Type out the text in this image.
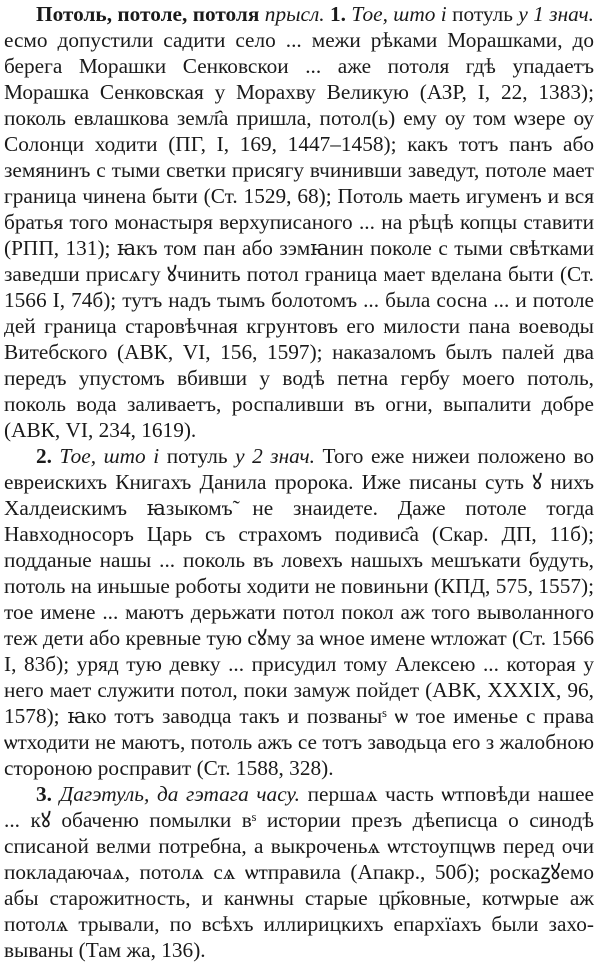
Потоль, потоле, потоля прысл. 1. Тое, што і потуль у 1 знач. есмо допустили садити село ... межи рѣками Морашками, до берега Морашки Сенковскои ... аже потоля гдѣ упадаетъ Морашка Сенковская у Морахву Великую (АЗР, І, 22, 1383); поколь евлашкова земл҄а пришла, потол(ь) ему оу том ѡзере оу Солонци ходити (ПГ, І, 169, 1447–1458); какъ тотъ панъ або земянинъ с тыми светки присягу вчинивши заведут, потоле мает граница чинена быти (Ст. 1529, 68); Потоль маеть игуменъ и вся братья того монастыря верхуписаного ... на рѣцѣ копцы ставити (РПП, 131); ꙗкъ том пан або зэмꙗнин поколе с тыми свѣтками заведши присѧгу ꙋчинить потол граница мает вделана быти (Ст. 1566 І, 74б); тутъ надъ тымъ болотомъ ... была сосна ... и потоле дей граница старовѣчная кгрунтовъ его милости пана воеводы Витебского (АВК, VI, 156, 1597); наказаломъ былъ палей два передъ упустомъ вбивши у водѣ петна гербу моего потоль, поколь вода заливаетъ, роспаливши въ огни, выпалити добре (АВК, VI, 234, 1619).

2. Тое, што і потуль у 2 знач. Того еже нижеи положено во евреискихъ Книгахъ Данила пророка. Иже писаны суть ꙋ нихъ Халдеискимъ ꙗзыкомъ̃ не знаидете. Даже потоле тогда Навходносоръ Царь съ страхомъ подивис҄а (Скар. ДП, 11б); подданые нашы ... поколь въ ловехъ нашыхъ мешъкати будуть, потоль на иньшые роботы ходити не повиньни (КПД, 575, 1557); тое имене ... маютъ дерьжати потол покол аж того выволанного теж дети або кревные тую сꙋму за ѡное имене ѡтложат (Ст. 1566 І, 83б); уряд тую девку ... присудил тому Алексею ... которая у него мает служити потол, поки замуж пойдет (АВК, XXXIX, 96, 1578); ꙗко тотъ заводца такъ и позваныˢ ѡ тое именье с права ѡтходити не маютъ, потоль ажъ се тотъ заводьца его з жалобною стороною росправит (Ст. 1588, 328).

3. Дагэтуль, да гэтага часу. першаѧ часть ѡтповѣди нашее ... кꙋ обаченю помылки вˢ истории презъ дѣеписца о синодѣ списаной велми потребна, а выкроченьѧ ѡтстоупцѡв перед очи покладаючаѧ, потолѧ сѧ ѡтправила (Апакр., 50б); роскаꙁꙋемо абы старожитность, и канѡны старые цр҃ковные, котѡрые аж потолѧ трывали, по всѣхъ иллирицкихъ епархїахъ были заховываны (Там жа, 136).
